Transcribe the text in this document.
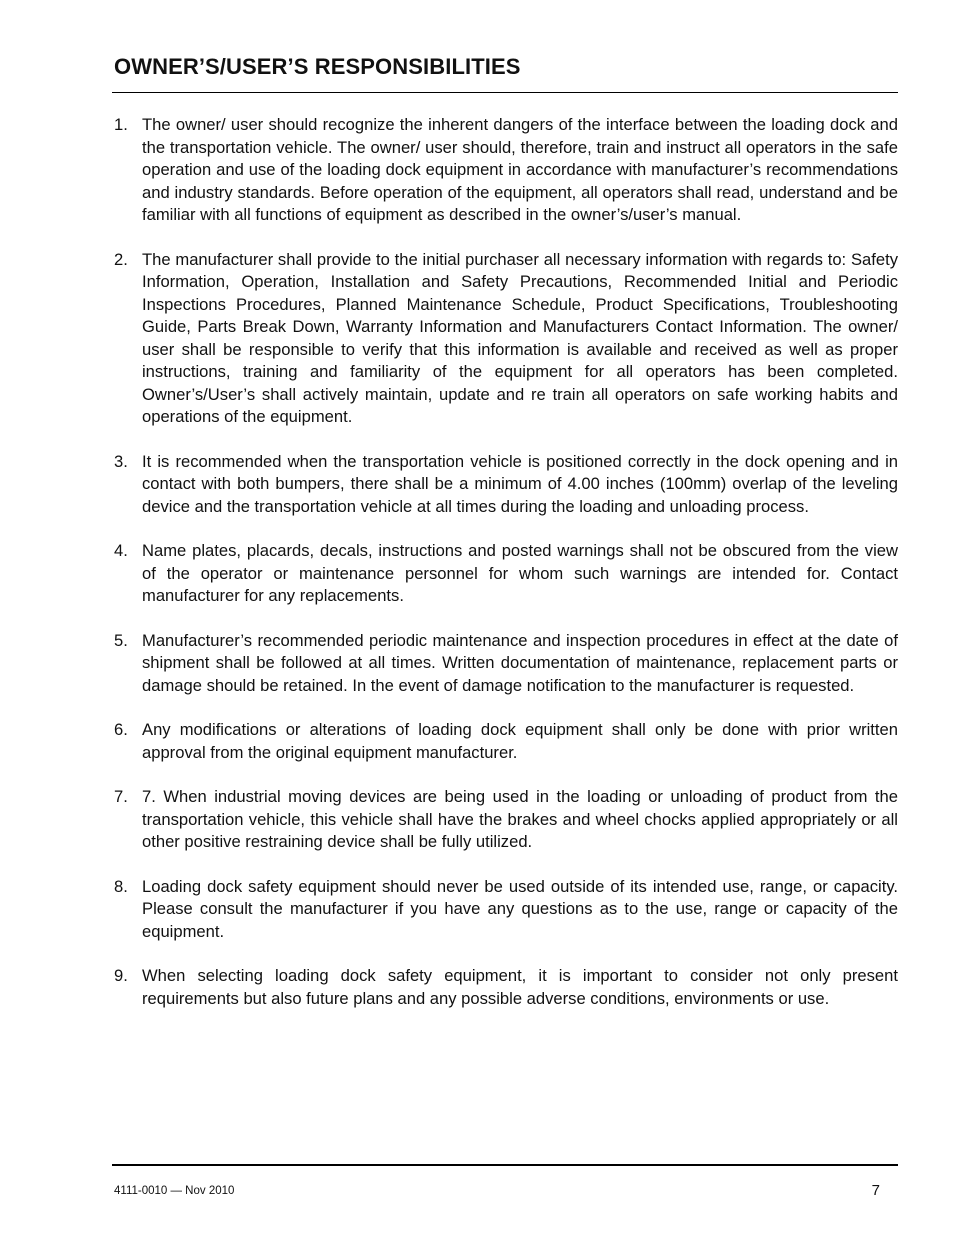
OWNER’S/USER’S RESPONSIBILITIES
1. The owner/ user should recognize the inherent dangers of the interface between the loading dock and the transportation vehicle. The owner/ user should, therefore, train and instruct all operators in the safe operation and use of the loading dock equipment in accordance with manufacturer’s recommendations and industry standards. Before operation of the equipment, all operators shall read, understand and be familiar with all functions of equipment as described in the owner’s/user’s manual.
2. The manufacturer shall provide to the initial purchaser all necessary information with regards to: Safety Information, Operation, Installation and Safety Precautions, Recommended Initial and Periodic Inspections Procedures, Planned Maintenance Schedule, Product Specifications, Troubleshooting Guide, Parts Break Down, Warranty Information and Manufacturers Contact Information. The owner/ user shall be responsible to verify that this information is available and received as well as proper instructions, training and familiarity of the equipment for all operators has been completed. Owner’s/User’s shall actively maintain, update and re train all operators on safe working habits and operations of the equipment.
3. It is recommended when the transportation vehicle is positioned correctly in the dock opening and in contact with both bumpers, there shall be a minimum of 4.00 inches (100mm) overlap of the leveling device and the transportation vehicle at all times during the loading and unloading process.
4. Name plates, placards, decals, instructions and posted warnings shall not be obscured from the view of the operator or maintenance personnel for whom such warnings are intended for. Contact manufacturer for any replacements.
5. Manufacturer’s recommended periodic maintenance and inspection procedures in effect at the date of shipment shall be followed at all times. Written documentation of maintenance, replacement parts or damage should be retained. In the event of damage notification to the manufacturer is requested.
6. Any modifications or alterations of loading dock equipment shall only be done with prior written approval from the original equipment manufacturer.
7. 7. When industrial moving devices are being used in the loading or unloading of product from the transportation vehicle, this vehicle shall have the brakes and wheel chocks applied appropriately or all other positive restraining device shall be fully utilized.
8. Loading dock safety equipment should never be used outside of its intended use, range, or capacity. Please consult the manufacturer if you have any questions as to the use, range or capacity of the equipment.
9. When selecting loading dock safety equipment, it is important to consider not only present requirements but also future plans and any possible adverse conditions, environments or use.
4111-0010 — Nov 2010	7
